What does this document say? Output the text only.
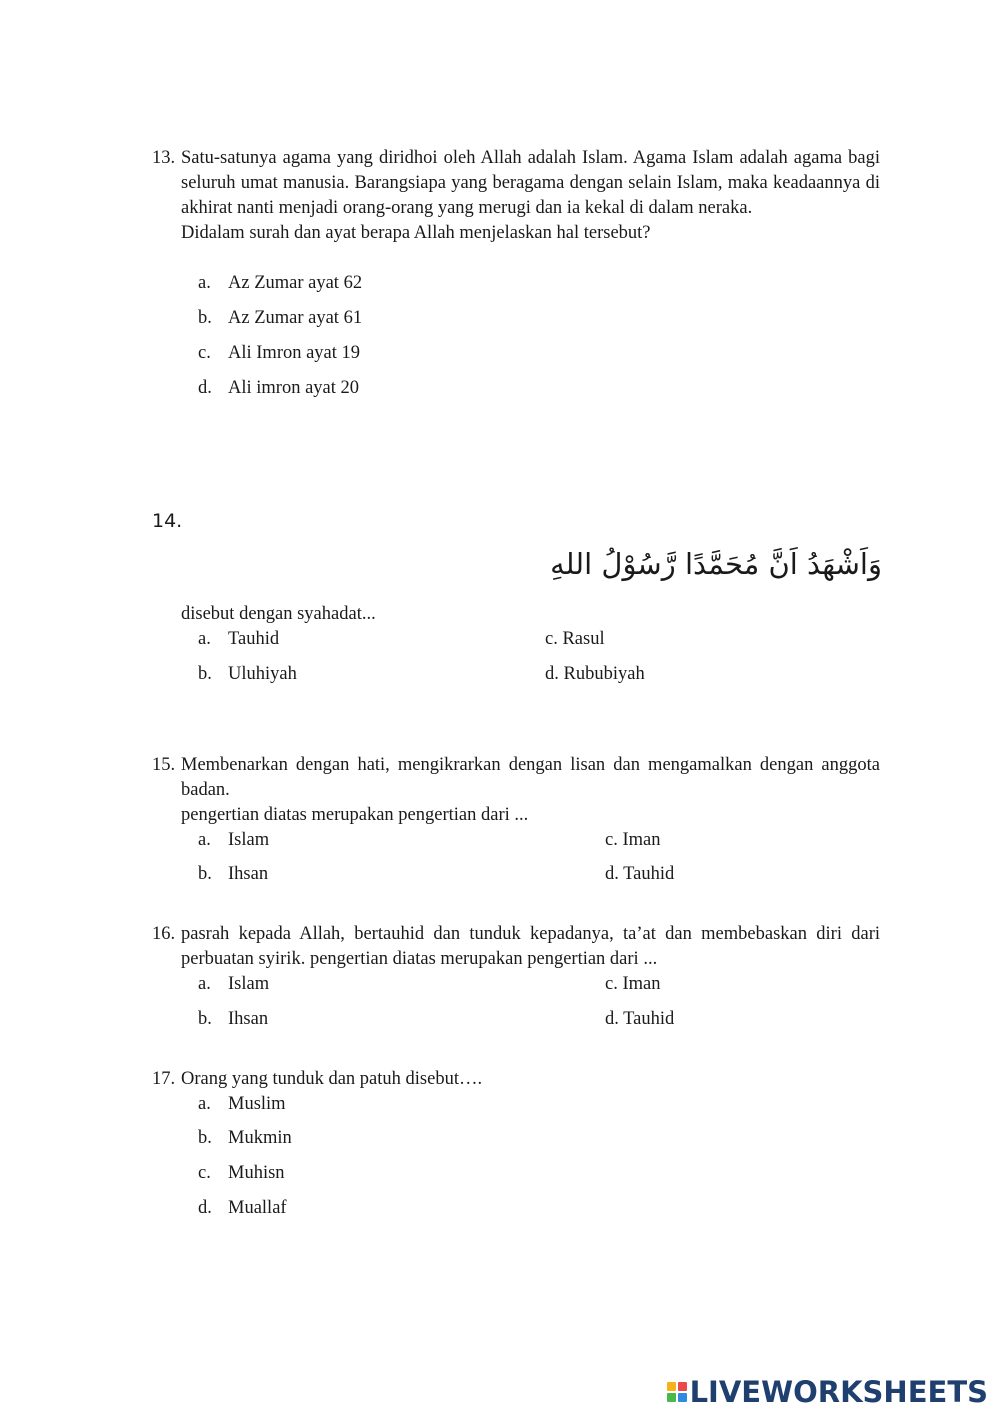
13. Satu-satunya agama yang diridhoi oleh Allah adalah Islam. Agama Islam adalah agama bagi seluruh umat manusia. Barangsiapa yang beragama dengan selain Islam, maka keadaannya di akhirat nanti menjadi orang-orang yang merugi dan ia kekal di dalam neraka.
Didalam surah dan ayat berapa Allah menjelaskan hal tersebut?
a. Az Zumar ayat 62
b. Az Zumar ayat 61
c. Ali Imron ayat 19
d. Ali imron ayat 20
14.
وَاَشْهَدُ اَنَّ مُحَمَّدًا رَّسُوْلُ اللهِ
disebut dengan syahadat...
a. Tauhid
b. Uluhiyah
c. Rasul
d. Rububiyah
15. Membenarkan dengan hati, mengikrarkan dengan lisan dan mengamalkan dengan anggota badan.
pengertian diatas merupakan pengertian dari ...
a. Islam
b. Ihsan
c. Iman
d. Tauhid
16. pasrah kepada Allah, bertauhid dan tunduk kepadanya, ta’at dan membebaskan diri dari perbuatan syirik. pengertian diatas merupakan pengertian dari ...
a. Islam
b. Ihsan
c. Iman
d. Tauhid
17. Orang yang tunduk dan patuh disebut….
a. Muslim
b. Mukmin
c. Muhisn
d. Muallaf
LIVEWORKSHEETS
